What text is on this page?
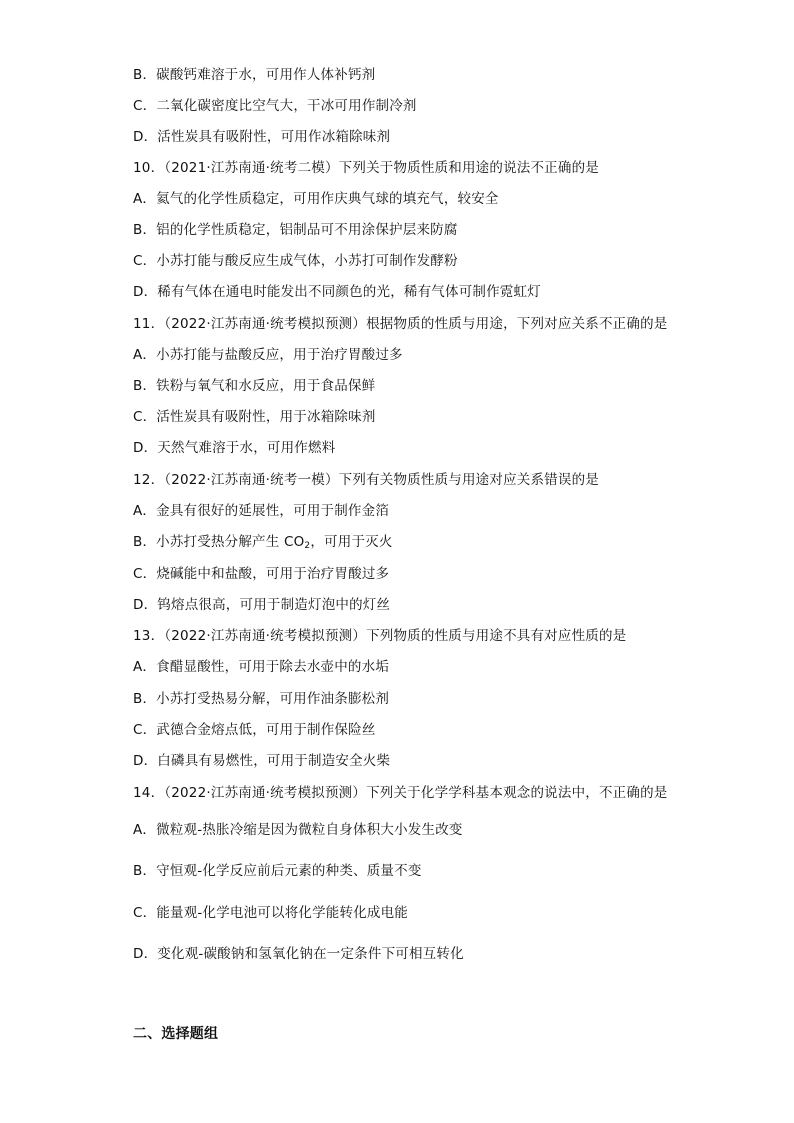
B．碳酸钙难溶于水，可用作人体补钙剂
C．二氧化碳密度比空气大，干冰可用作制冷剂
D．活性炭具有吸附性，可用作冰箱除味剂
10．（2021·江苏南通·统考二模）下列关于物质性质和用途的说法不正确的是
A．氦气的化学性质稳定，可用作庆典气球的填充气，较安全
B．铝的化学性质稳定，铝制品可不用涂保护层来防腐
C．小苏打能与酸反应生成气体，小苏打可制作发酵粉
D．稀有气体在通电时能发出不同颜色的光，稀有气体可制作霓虹灯
11．（2022·江苏南通·统考模拟预测）根据物质的性质与用途，下列对应关系不正确的是
A．小苏打能与盐酸反应，用于治疗胃酸过多
B．铁粉与氧气和水反应，用于食品保鲜
C．活性炭具有吸附性，用于冰箱除味剂
D．天然气难溶于水，可用作燃料
12．（2022·江苏南通·统考一模）下列有关物质性质与用途对应关系错误的是
A．金具有很好的延展性，可用于制作金箔
B．小苏打受热分解产生 $CO_2$，可用于灭火
C．烧碱能中和盐酸，可用于治疗胃酸过多
D．钨熔点很高，可用于制造灯泡中的灯丝
13．（2022·江苏南通·统考模拟预测）下列物质的性质与用途不具有对应性质的是
A．食醋显酸性，可用于除去水壶中的水垢
B．小苏打受热易分解，可用作油条膨松剂
C．武德合金熔点低，可用于制作保险丝
D．白磷具有易燃性，可用于制造安全火柴
14．（2022·江苏南通·统考模拟预测）下列关于化学学科基本观念的说法中，不正确的是
A．微粒观-热胀冷缩是因为微粒自身体积大小发生改变
B．守恒观-化学反应前后元素的种类、质量不变
C．能量观-化学电池可以将化学能转化成电能
D．变化观-碳酸钠和氢氧化钠在一定条件下可相互转化
二、选择题组
